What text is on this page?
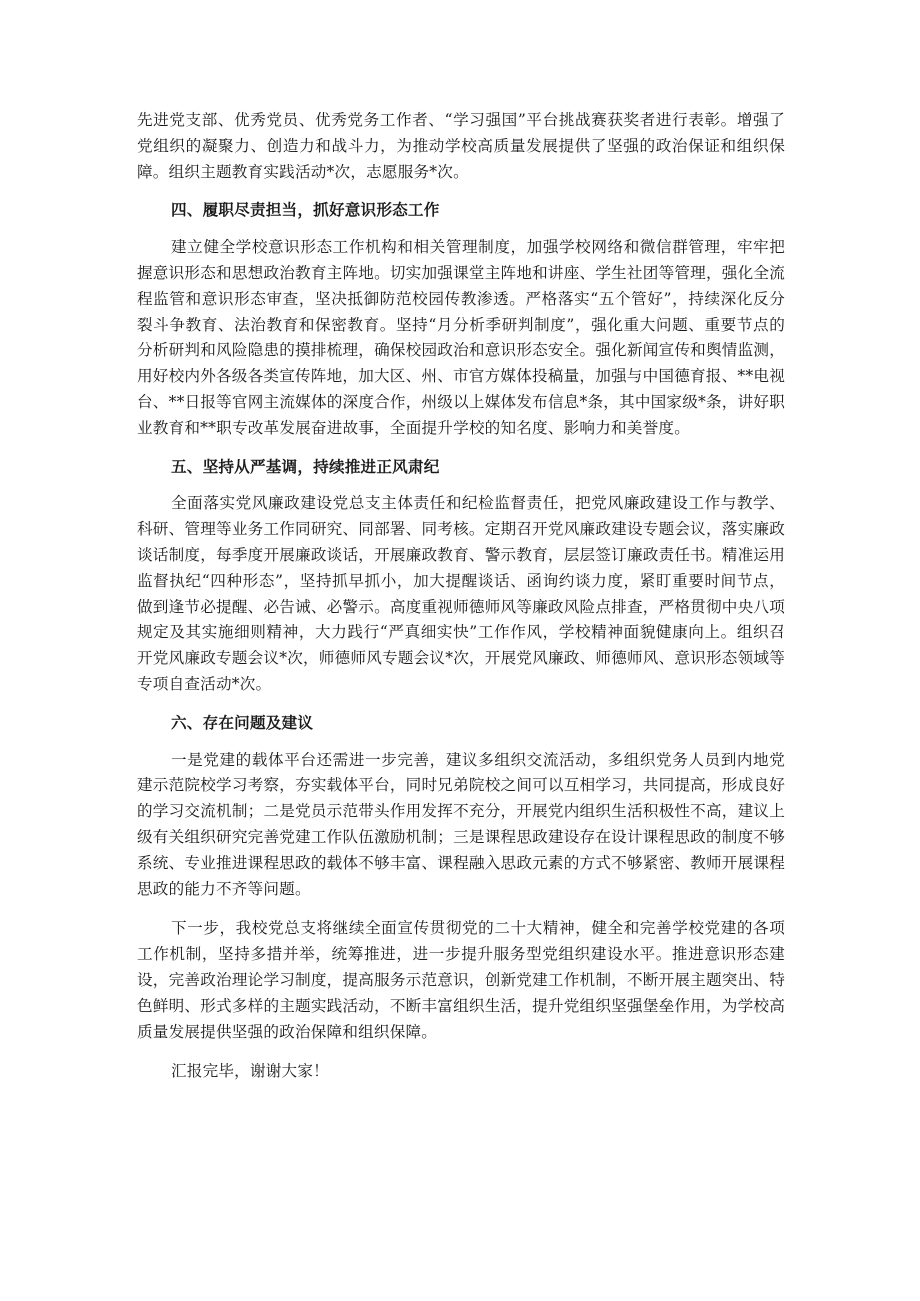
先进党支部、优秀党员、优秀党务工作者、“学习强国”平台挑战赛获奖者进行表彰。增强了党组织的凝聚力、创造力和战斗力，为推动学校高质量发展提供了坚强的政治保证和组织保障。组织主题教育实践活动*次，志愿服务*次。

四、履职尽责担当，抓好意识形态工作

建立健全学校意识形态工作机构和相关管理制度，加强学校网络和微信群管理，牢牢把握意识形态和思想政治教育主阵地。切实加强课堂主阵地和讲座、学生社团等管理，强化全流程监管和意识形态审查，坚决抵御防范校园传教渗透。严格落实“五个管好”，持续深化反分裂斗争教育、法治教育和保密教育。坚持“月分析季研判制度”，强化重大问题、重要节点的分析研判和风险隐患的摸排梳理，确保校园政治和意识形态安全。强化新闻宣传和舆情监测，用好校内外各级各类宣传阵地，加大区、州、市官方媒体投稿量，加强与中国德育报、**电视台、**日报等官网主流媒体的深度合作，州级以上媒体发布信息*条，其中国家级*条，讲好职业教育和**职专改革发展奋进故事，全面提升学校的知名度、影响力和美誉度。

五、坚持从严基调，持续推进正风肃纪

全面落实党风廉政建设党总支主体责任和纪检监督责任，把党风廉政建设工作与教学、科研、管理等业务工作同研究、同部署、同考核。定期召开党风廉政建设专题会议，落实廉政谈话制度，每季度开展廉政谈话，开展廉政教育、警示教育，层层签订廉政责任书。精准运用监督执纪“四种形态”，坚持抓早抓小，加大提醒谈话、函询约谈力度，紧盯重要时间节点，做到逢节必提醒、必告诫、必警示。高度重视师德师风等廉政风险点排查，严格贯彻中央八项规定及其实施细则精神，大力践行“严真细实快”工作作风，学校精神面貌健康向上。组织召开党风廉政专题会议*次，师德师风专题会议*次，开展党风廉政、师德师风、意识形态领域等专项自查活动*次。

六、存在问题及建议

一是党建的载体平台还需进一步完善，建议多组织交流活动，多组织党务人员到内地党建示范院校学习考察，夯实载体平台，同时兄弟院校之间可以互相学习，共同提高，形成良好的学习交流机制；二是党员示范带头作用发挥不充分，开展党内组织生活积极性不高，建议上级有关组织研究完善党建工作队伍激励机制；三是课程思政建设存在设计课程思政的制度不够系统、专业推进课程思政的载体不够丰富、课程融入思政元素的方式不够紧密、教师开展课程思政的能力不齐等问题。

下一步，我校党总支将继续全面宣传贯彻党的二十大精神，健全和完善学校党建的各项工作机制，坚持多措并举，统筹推进，进一步提升服务型党组织建设水平。推进意识形态建设，完善政治理论学习制度，提高服务示范意识，创新党建工作机制，不断开展主题突出、特色鲜明、形式多样的主题实践活动，不断丰富组织生活，提升党组织坚强堡垒作用，为学校高质量发展提供坚强的政治保障和组织保障。

汇报完毕，谢谢大家！
